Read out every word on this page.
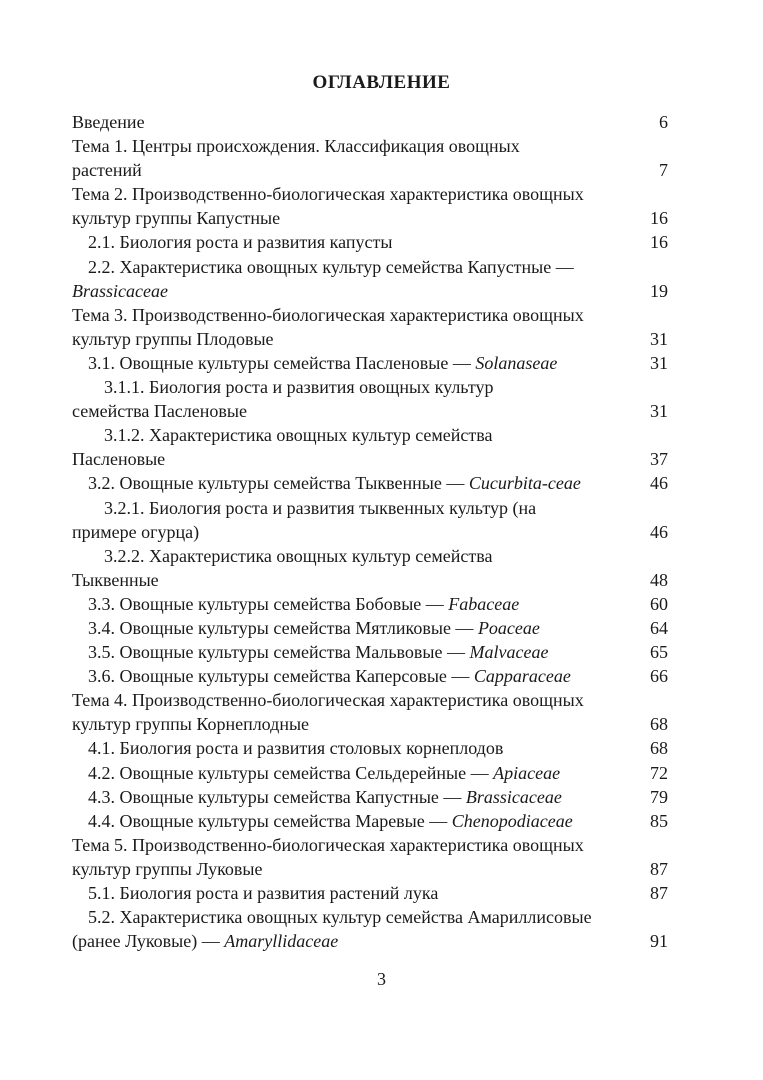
ОГЛАВЛЕНИЕ
Введение	6
Тема 1. Центры происхождения. Классификация овощных растений	7
Тема 2. Производственно-биологическая характеристика овощных культур группы Капустные	16
2.1. Биология роста и развития капусты	16
2.2. Характеристика овощных культур семейства Капустные — Brassicaceae	19
Тема 3. Производственно-биологическая характеристика овощных культур группы Плодовые	31
3.1. Овощные культуры семейства Пасленовые — Solanaseae	31
3.1.1. Биология роста и развития овощных культур семейства Пасленовые	31
3.1.2. Характеристика овощных культур семейства Пасленовые	37
3.2. Овощные культуры семейства Тыквенные — Cucurbita-ceae	46
3.2.1. Биология роста и развития тыквенных культур (на примере огурца)	46
3.2.2. Характеристика овощных культур семейства Тыквенные	48
3.3. Овощные культуры семейства Бобовые — Fabaceae	60
3.4. Овощные культуры семейства Мятликовые — Poaceae	64
3.5. Овощные культуры семейства Мальвовые — Malvaceae	65
3.6. Овощные культуры семейства Каперсовые — Capparaceae	66
Тема 4. Производственно-биологическая характеристика овощных культур группы Корнеплодные	68
4.1. Биология роста и развития столовых корнеплодов	68
4.2. Овощные культуры семейства Сельдерейные — Apiaceae	72
4.3. Овощные культуры семейства Капустные — Brassicaceae	79
4.4. Овощные культуры семейства Маревые — Chenopodiaceae	85
Тема 5. Производственно-биологическая характеристика овощных культур группы Луковые	87
5.1. Биология роста и развития растений лука	87
5.2. Характеристика овощных культур семейства Амариллисовые (ранее Луковые) — Amaryllidaceae	91
3
